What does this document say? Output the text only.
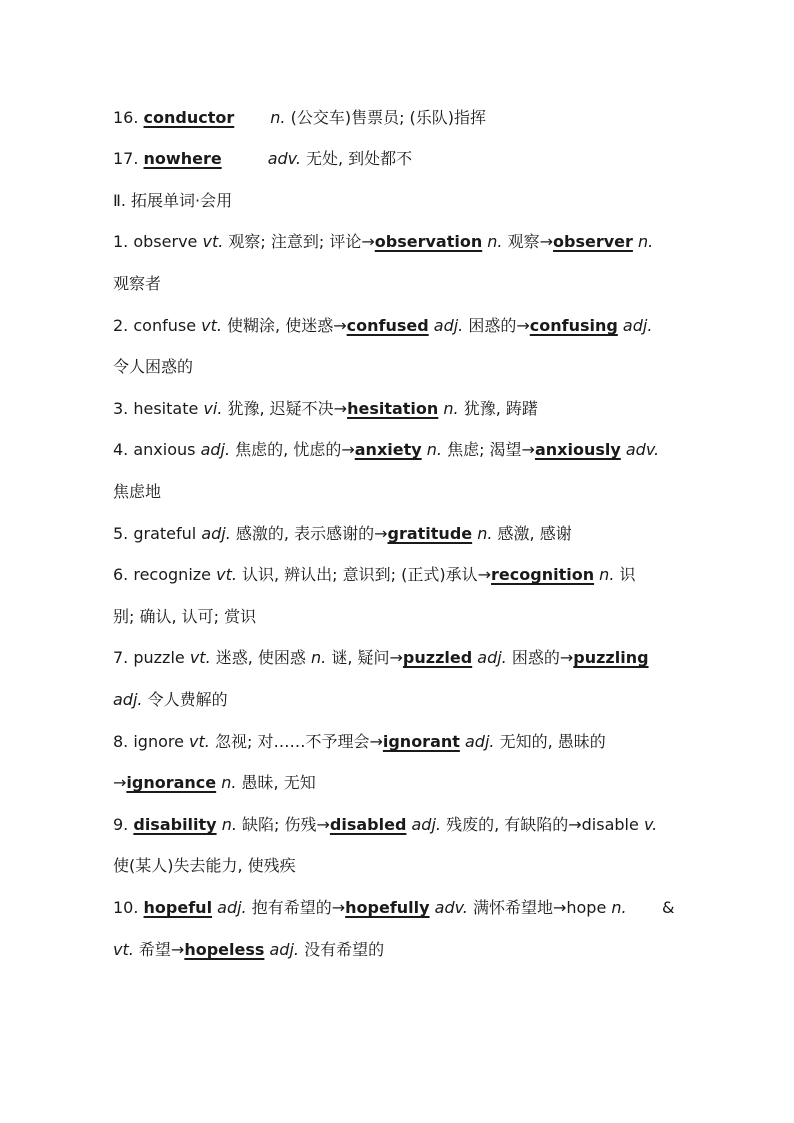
16. conductor n. (公交车)售票员; (乐队)指挥
17. nowhere	adv. 无处, 到处都不
Ⅱ. 拓展单词·会用
1. observe vt. 观察; 注意到; 评论→observation n. 观察→observer n.
观察者
2. confuse vt. 使糊涂, 使迷惑→confused adj. 困惑的→confusing adj.
令人困惑的
3. hesitate vi. 犹豫, 迟疑不决→hesitation n. 犹豫, 踌躇
4. anxious adj. 焦虑的, 忧虑的→anxiety n. 焦虑; 渴望→anxiously adv.
焦虑地
5. grateful adj. 感激的, 表示感谢的→gratitude n. 感激, 感谢
6. recognize vt. 认识, 辨认出; 意识到; (正式)承认→recognition n. 识
别; 确认, 认可; 赏识
7. puzzle vt. 迷惑, 使困惑 n. 谜, 疑问→puzzled adj. 困惑的→puzzling
adj. 令人费解的
8. ignore vt. 忽视; 对……不予理会→ignorant adj. 无知的, 愚昧的
→ignorance n. 愚昧, 无知
9. disability n. 缺陷; 伤残→disabled adj. 残废的, 有缺陷的→disable v.
使(某人)失去能力, 使残疾
10. hopeful adj. 抱有希望的→hopefully adv. 满怀希望地→hope n. &
vt. 希望→hopeless adj. 没有希望的
